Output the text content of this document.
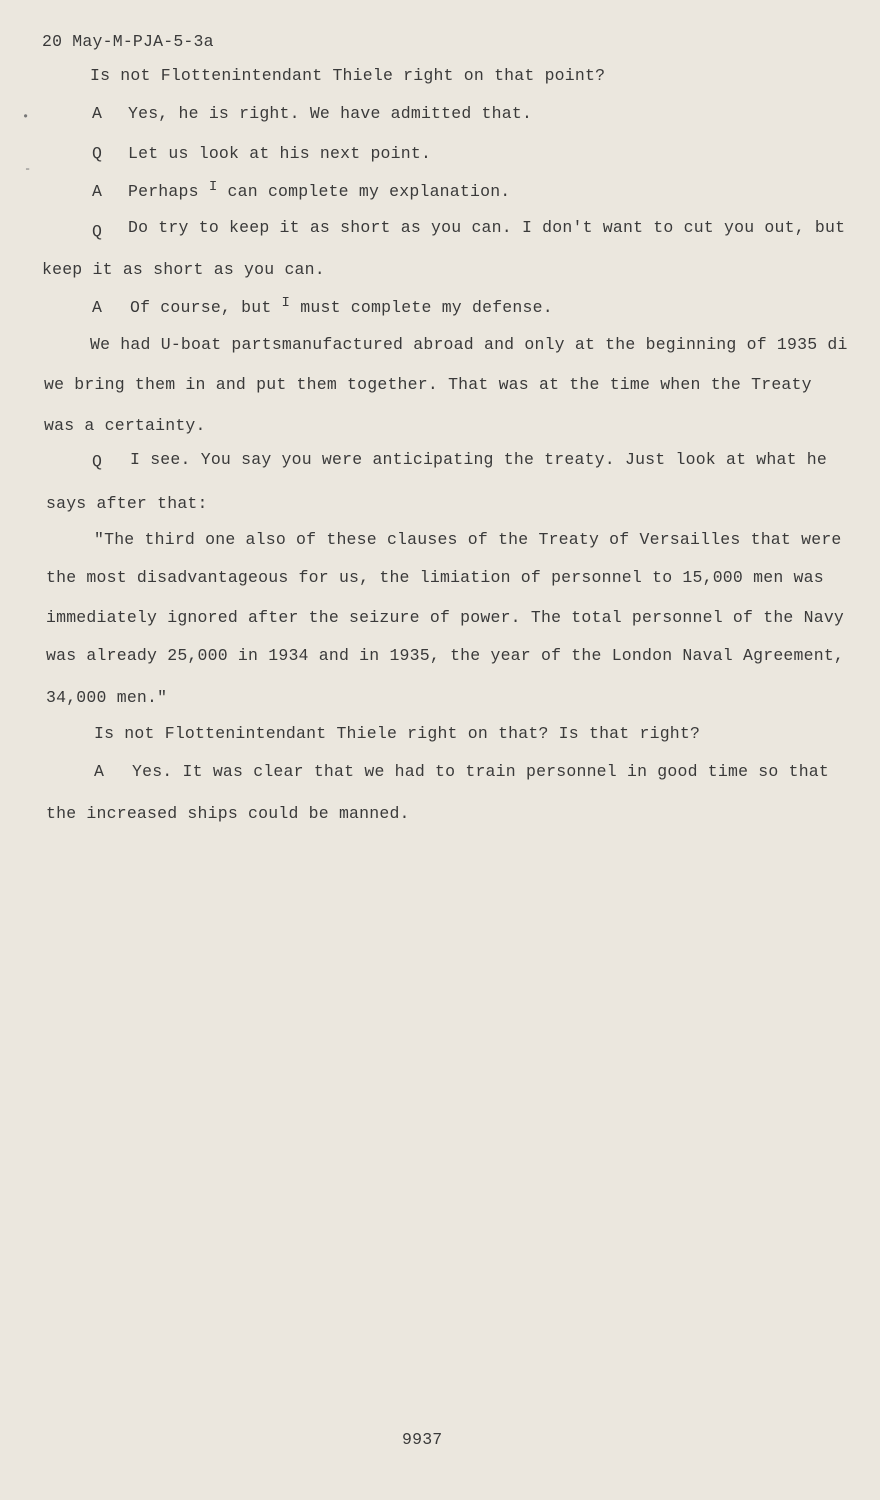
20 May-M-PJA-5-3a
•
-
Is not Flottenintendant Thiele right on that point?
A Yes, he is right. We have admitted that.
Q Let us look at his next point.
A Perhaps $^I$ can complete my explanation.
Q Do try to keep it as short as you can. I don't want to cut you out, but
keep it as short as you can.
A Of course, but $^I$ must complete my defense.
We had U-boat partsmanufactured abroad and only at the beginning of 1935 di
we bring them in and put them together. That was at the time when the Treaty
was a certainty.
Q I see. You say you were anticipating the treaty. Just look at what he
says after that:
"The third one also of these clauses of the Treaty of Versailles that were
the most disadvantageous for us, the limiation of personnel to 15,000 men was
immediately ignored after the seizure of power. The total personnel of the Navy
was already 25,000 in 1934 and in 1935, the year of the London Naval Agreement,
34,000 men."
Is not Flottenintendant Thiele right on that? Is that right?
A Yes. It was clear that we had to train personnel in good time so that
the increased ships could be manned.
9937
